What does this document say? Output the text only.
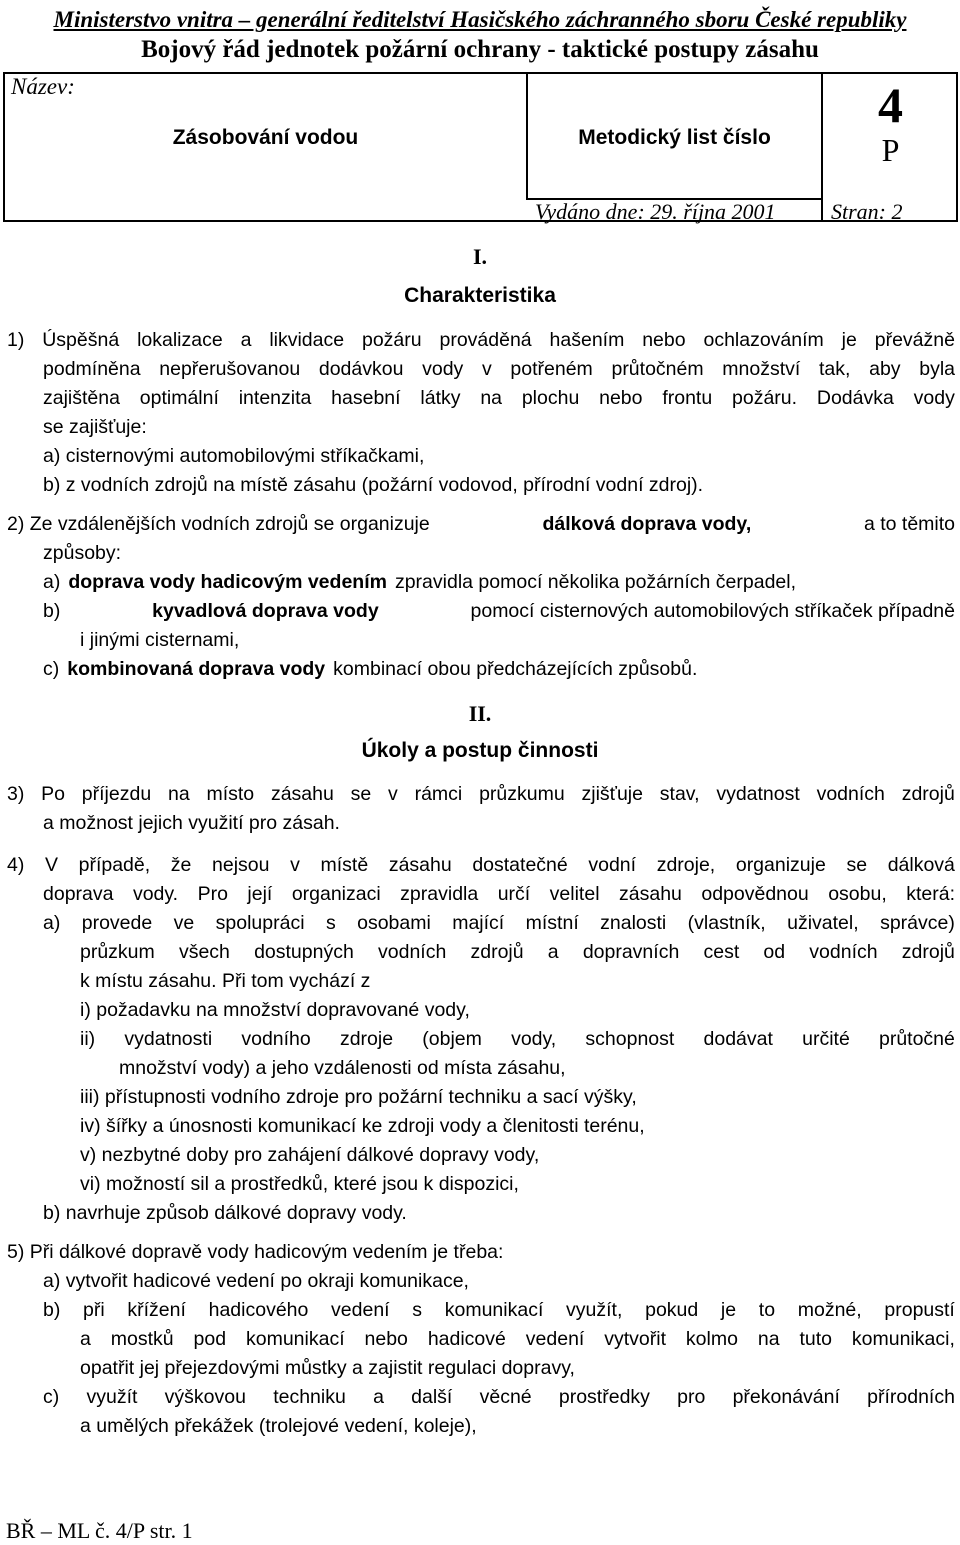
Ministerstvo vnitra – generální ředitelství Hasičského záchranného sboru České republiky
Bojový řád jednotek požární ochrany - taktické postupy zásahu
Název:
Zásobování vodou	Metodický list číslo
4
P
Vydáno dne: 29. října 2001	Stran: 2
I.
Charakteristika
1) Úspěšná lokalizace a likvidace požáru prováděná hašením nebo ochlazováním je převážně
podmíněna nepřerušovanou dodávkou vody v potřeném průtočném množství tak, aby byla
zajištěna optimální intenzita hasební látky na plochu nebo frontu požáru. Dodávka vody
se zajišťuje:
a) cisternovými automobilovými stříkačkami,
b) z vodních zdrojů na místě zásahu (požární vodovod, přírodní vodní zdroj).
2) Ze vzdálenějších vodních zdrojů se organizuje	dálková doprava vody,	a to těmito
způsoby:
a) doprava vody hadicovým vedením zpravidla pomocí několika požárních čerpadel,
b)	kyvadlová doprava vody	pomocí cisternových automobilových stříkaček případně
i jinými cisternami,
c) kombinovaná doprava vody kombinací obou předcházejících způsobů.
II.
Úkoly a postup činnosti
3) Po příjezdu na místo zásahu se v rámci průzkumu zjišťuje stav, vydatnost vodních zdrojů
a možnost jejich využití pro zásah.
4) V případě, že nejsou v místě zásahu dostatečné vodní zdroje, organizuje se dálková
doprava vody. Pro její organizaci zpravidla určí velitel zásahu odpovědnou osobu, která:
a) provede ve spolupráci s osobami mající místní znalosti (vlastník, uživatel, správce)
průzkum všech dostupných vodních zdrojů a dopravních cest od vodních zdrojů
k místu zásahu. Při tom vychází z
i) požadavku na množství dopravované vody,
ii) vydatnosti vodního zdroje (objem vody, schopnost dodávat určité průtočné
množství vody) a jeho vzdálenosti od místa zásahu,
iii) přístupnosti vodního zdroje pro požární techniku a sací výšky,
iv) šířky a únosnosti komunikací ke zdroji vody a členitosti terénu,
v) nezbytné doby pro zahájení dálkové dopravy vody,
vi) možností sil a prostředků, které jsou k dispozici,
b) navrhuje způsob dálkové dopravy vody.
5) Při dálkové dopravě vody hadicovým vedením je třeba:
a) vytvořit hadicové vedení po okraji komunikace,
b) při křížení hadicového vedení s komunikací využít, pokud je to možné, propustí
a mostků pod komunikací nebo hadicové vedení vytvořit kolmo na tuto komunikaci,
opatřit jej přejezdovými můstky a zajistit regulaci dopravy,
c) využít výškovou techniku a další věcné prostředky pro překonávání přírodních
a umělých překážek (trolejové vedení, koleje),
BŘ – ML č. 4/P str. 1
